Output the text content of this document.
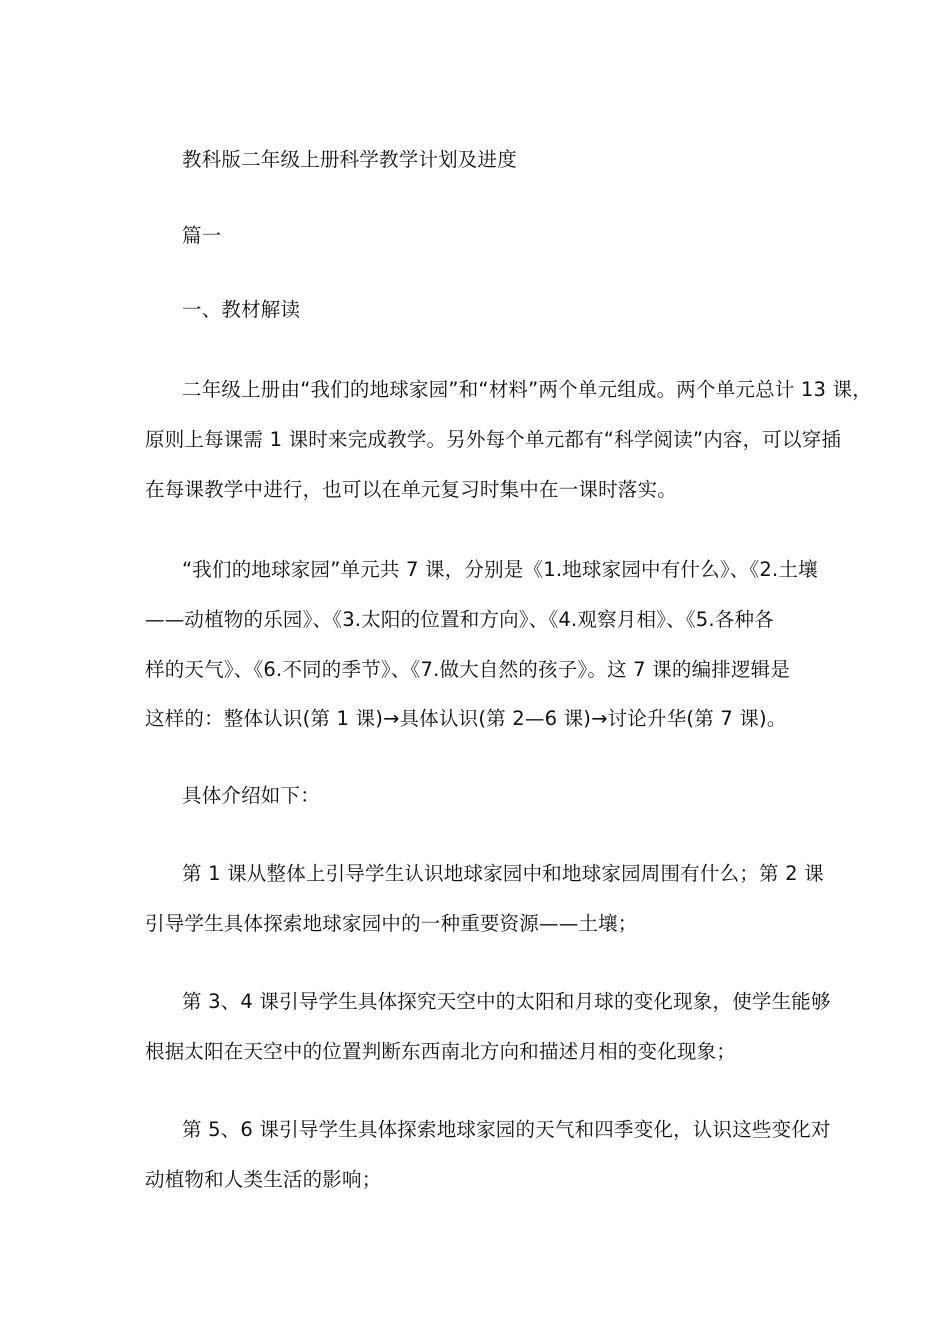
教科版二年级上册科学教学计划及进度
篇一
一、教材解读
二年级上册由“我们的地球家园”和“材料”两个单元组成。两个单元总计 13 课，
原则上每课需 1 课时来完成教学。另外每个单元都有“科学阅读”内容，可以穿插
在每课教学中进行，也可以在单元复习时集中在一课时落实。
“我们的地球家园”单元共 7 课，分别是《1.地球家园中有什么》、《2.土壤
——动植物的乐园》、《3.太阳的位置和方向》、《4.观察月相》、《5.各种各
样的天气》、《6.不同的季节》、《7.做大自然的孩子》。这 7 课的编排逻辑是
这样的：整体认识(第 1 课)→具体认识(第 2—6 课)→讨论升华(第 7 课)。
具体介绍如下：
第 1 课从整体上引导学生认识地球家园中和地球家园周围有什么；第 2 课
引导学生具体探索地球家园中的一种重要资源——土壤；
第 3、4 课引导学生具体探究天空中的太阳和月球的变化现象，使学生能够
根据太阳在天空中的位置判断东西南北方向和描述月相的变化现象；
第 5、6 课引导学生具体探索地球家园的天气和四季变化，认识这些变化对
动植物和人类生活的影响；
